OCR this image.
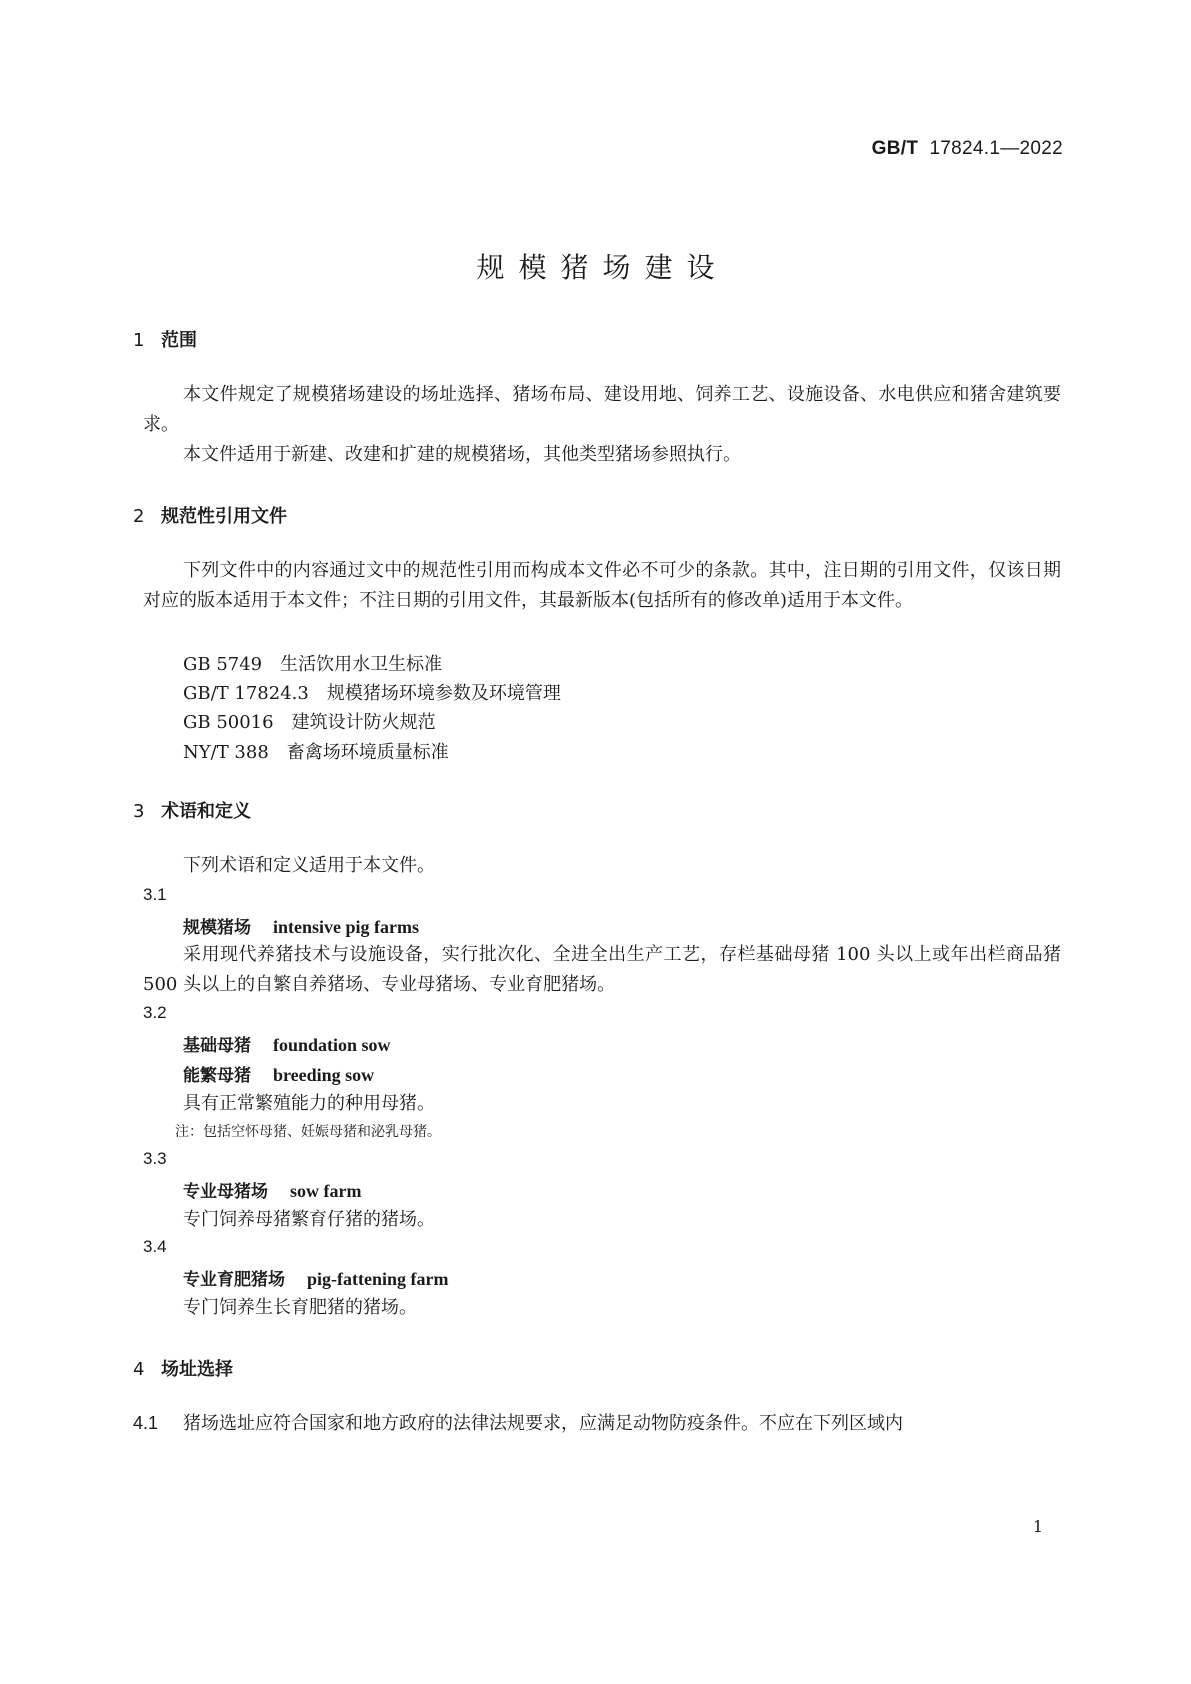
GB/T 17824.1—2022
规模猪场建设
1 范围
本文件规定了规模猪场建设的场址选择、猪场布局、建设用地、饲养工艺、设施设备、水电供应和猪舍建筑要求。
本文件适用于新建、改建和扩建的规模猪场，其他类型猪场参照执行。
2 规范性引用文件
下列文件中的内容通过文中的规范性引用而构成本文件必不可少的条款。其中，注日期的引用文件，仅该日期对应的版本适用于本文件；不注日期的引用文件，其最新版本(包括所有的修改单)适用于本文件。
GB 5749 生活饮用水卫生标准
GB/T 17824.3 规模猪场环境参数及环境管理
GB 50016 建筑设计防火规范
NY/T 388 畜禽场环境质量标准
3 术语和定义
下列术语和定义适用于本文件。
3.1
规模猪场 intensive pig farms
采用现代养猪技术与设施设备，实行批次化、全进全出生产工艺，存栏基础母猪 100 头以上或年出栏商品猪 500 头以上的自繁自养猪场、专业母猪场、专业育肥猪场。
3.2
基础母猪 foundation sow
能繁母猪 breeding sow
具有正常繁殖能力的种用母猪。
注：包括空怀母猪、妊娠母猪和泌乳母猪。
3.3
专业母猪场 sow farm
专门饲养母猪繁育仔猪的猪场。
3.4
专业育肥猪场 pig-fattening farm
专门饲养生长育肥猪的猪场。
4 场址选择
4.1 猪场选址应符合国家和地方政府的法律法规要求，应满足动物防疫条件。不应在下列区域内
1
